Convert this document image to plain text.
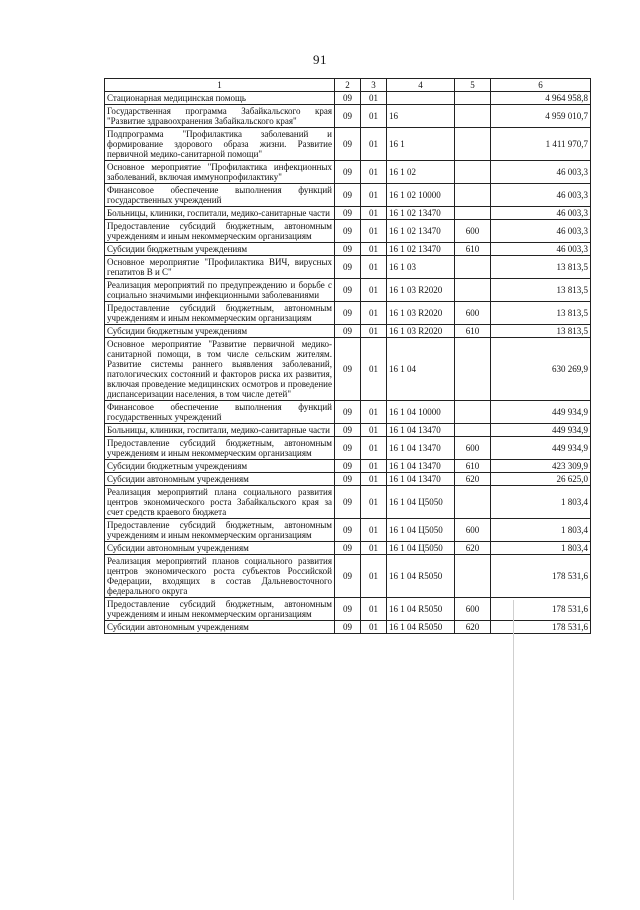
91
1	2	3	4	5	6
Стационарная медицинская помощь	09	01			4 964 958,8
Государственная программа Забайкальского края "Развитие здравоохранения Забайкальского края"	09	01	16		4 959 010,7
Подпрограмма "Профилактика заболеваний и формирование здорового образа жизни. Развитие первичной медико-санитарной помощи"	09	01	16 1		1 411 970,7
Основное мероприятие "Профилактика инфекционных заболеваний, включая иммунопрофилактику"	09	01	16 1 02		46 003,3
Финансовое обеспечение выполнения функций государственных учреждений	09	01	16 1 02 10000		46 003,3
Больницы, клиники, госпитали, медико-санитарные части	09	01	16 1 02 13470		46 003,3
Предоставление субсидий бюджетным, автономным учреждениям и иным некоммерческим организациям	09	01	16 1 02 13470	600	46 003,3
Субсидии бюджетным учреждениям	09	01	16 1 02 13470	610	46 003,3
Основное мероприятие "Профилактика ВИЧ, вирусных гепатитов В и С"	09	01	16 1 03		13 813,5
Реализация мероприятий по предупреждению и борьбе с социально значимыми инфекционными заболеваниями	09	01	16 1 03 R2020		13 813,5
Предоставление субсидий бюджетным, автономным учреждениям и иным некоммерческим организациям	09	01	16 1 03 R2020	600	13 813,5
Субсидии бюджетным учреждениям	09	01	16 1 03 R2020	610	13 813,5
Основное мероприятие "Развитие первичной медико-санитарной помощи, в том числе сельским жителям. Развитие системы раннего выявления заболеваний, патологических состояний и факторов риска их развития, включая проведение медицинских осмотров и проведение диспансеризации населения, в том числе детей"	09	01	16 1 04		630 269,9
Финансовое обеспечение выполнения функций государственных учреждений	09	01	16 1 04 10000		449 934,9
Больницы, клиники, госпитали, медико-санитарные части	09	01	16 1 04 13470		449 934,9
Предоставление субсидий бюджетным, автономным учреждениям и иным некоммерческим организациям	09	01	16 1 04 13470	600	449 934,9
Субсидии бюджетным учреждениям	09	01	16 1 04 13470	610	423 309,9
Субсидии автономным учреждениям	09	01	16 1 04 13470	620	26 625,0
Реализация мероприятий плана социального развития центров экономического роста Забайкальского края за счет средств краевого бюджета	09	01	16 1 04 Ц5050		1 803,4
Предоставление субсидий бюджетным, автономным учреждениям и иным некоммерческим организациям	09	01	16 1 04 Ц5050	600	1 803,4
Субсидии автономным учреждениям	09	01	16 1 04 Ц5050	620	1 803,4
Реализация мероприятий планов социального развития центров экономического роста субъектов Российской Федерации, входящих в состав Дальневосточного федерального округа	09	01	16 1 04 R5050		178 531,6
Предоставление субсидий бюджетным, автономным учреждениям и иным некоммерческим организациям	09	01	16 1 04 R5050	600	178 531,6
Субсидии автономным учреждениям	09	01	16 1 04 R5050	620	178 531,6
